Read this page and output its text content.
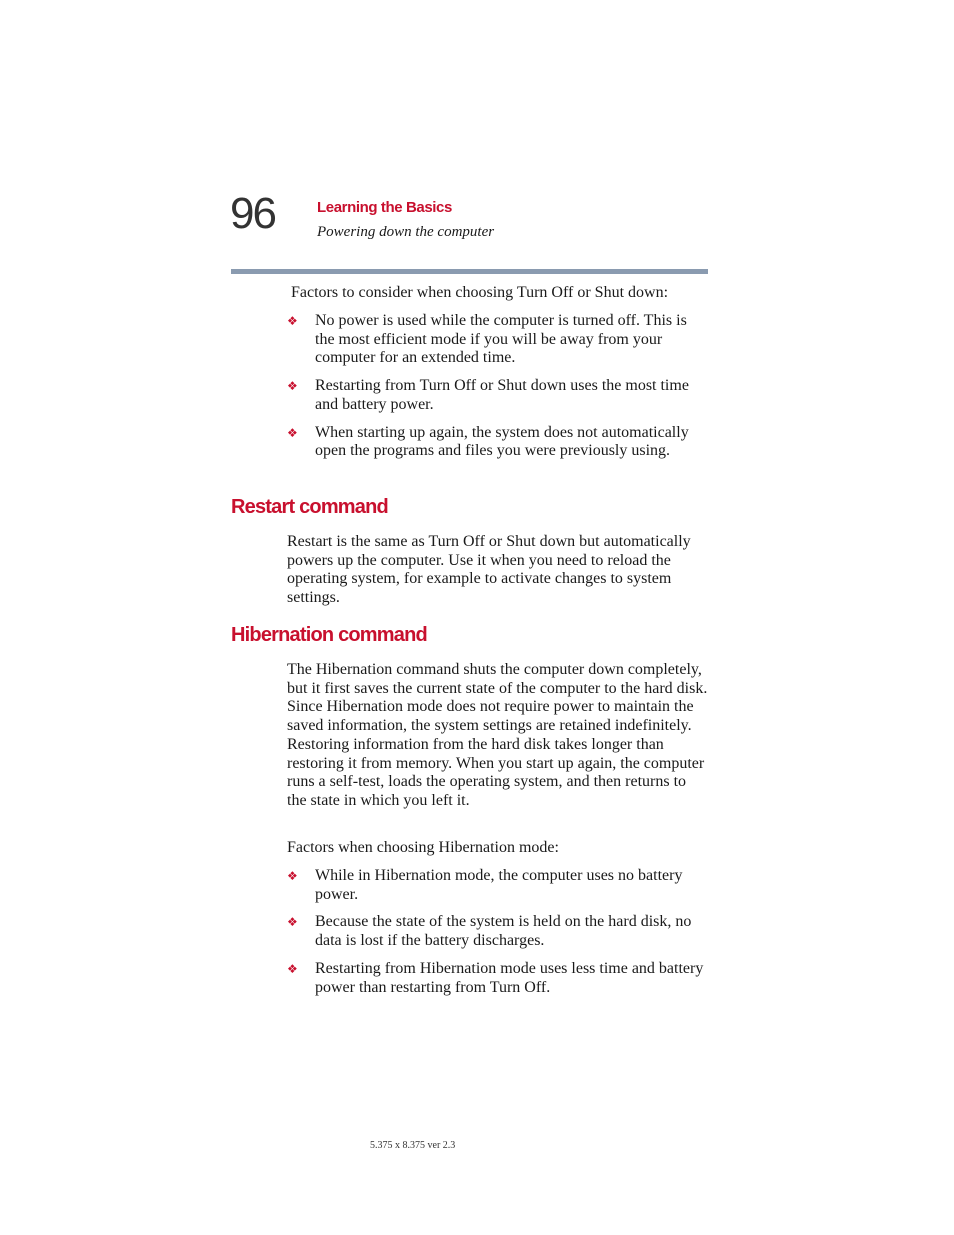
96	Learning the Basics
Powering down the computer
Factors to consider when choosing Turn Off or Shut down:
❖ No power is used while the computer is turned off. This is the most efficient mode if you will be away from your computer for an extended time.
❖ Restarting from Turn Off or Shut down uses the most time and battery power.
❖ When starting up again, the system does not automatically open the programs and files you were previously using.
Restart command
Restart is the same as Turn Off or Shut down but automatically powers up the computer. Use it when you need to reload the operating system, for example to activate changes to system settings.
Hibernation command
The Hibernation command shuts the computer down completely, but it first saves the current state of the computer to the hard disk. Since Hibernation mode does not require power to maintain the saved information, the system settings are retained indefinitely. Restoring information from the hard disk takes longer than restoring it from memory. When you start up again, the computer runs a self-test, loads the operating system, and then returns to the state in which you left it.
Factors when choosing Hibernation mode:
❖ While in Hibernation mode, the computer uses no battery power.
❖ Because the state of the system is held on the hard disk, no data is lost if the battery discharges.
❖ Restarting from Hibernation mode uses less time and battery power than restarting from Turn Off.
5.375 x 8.375 ver 2.3
